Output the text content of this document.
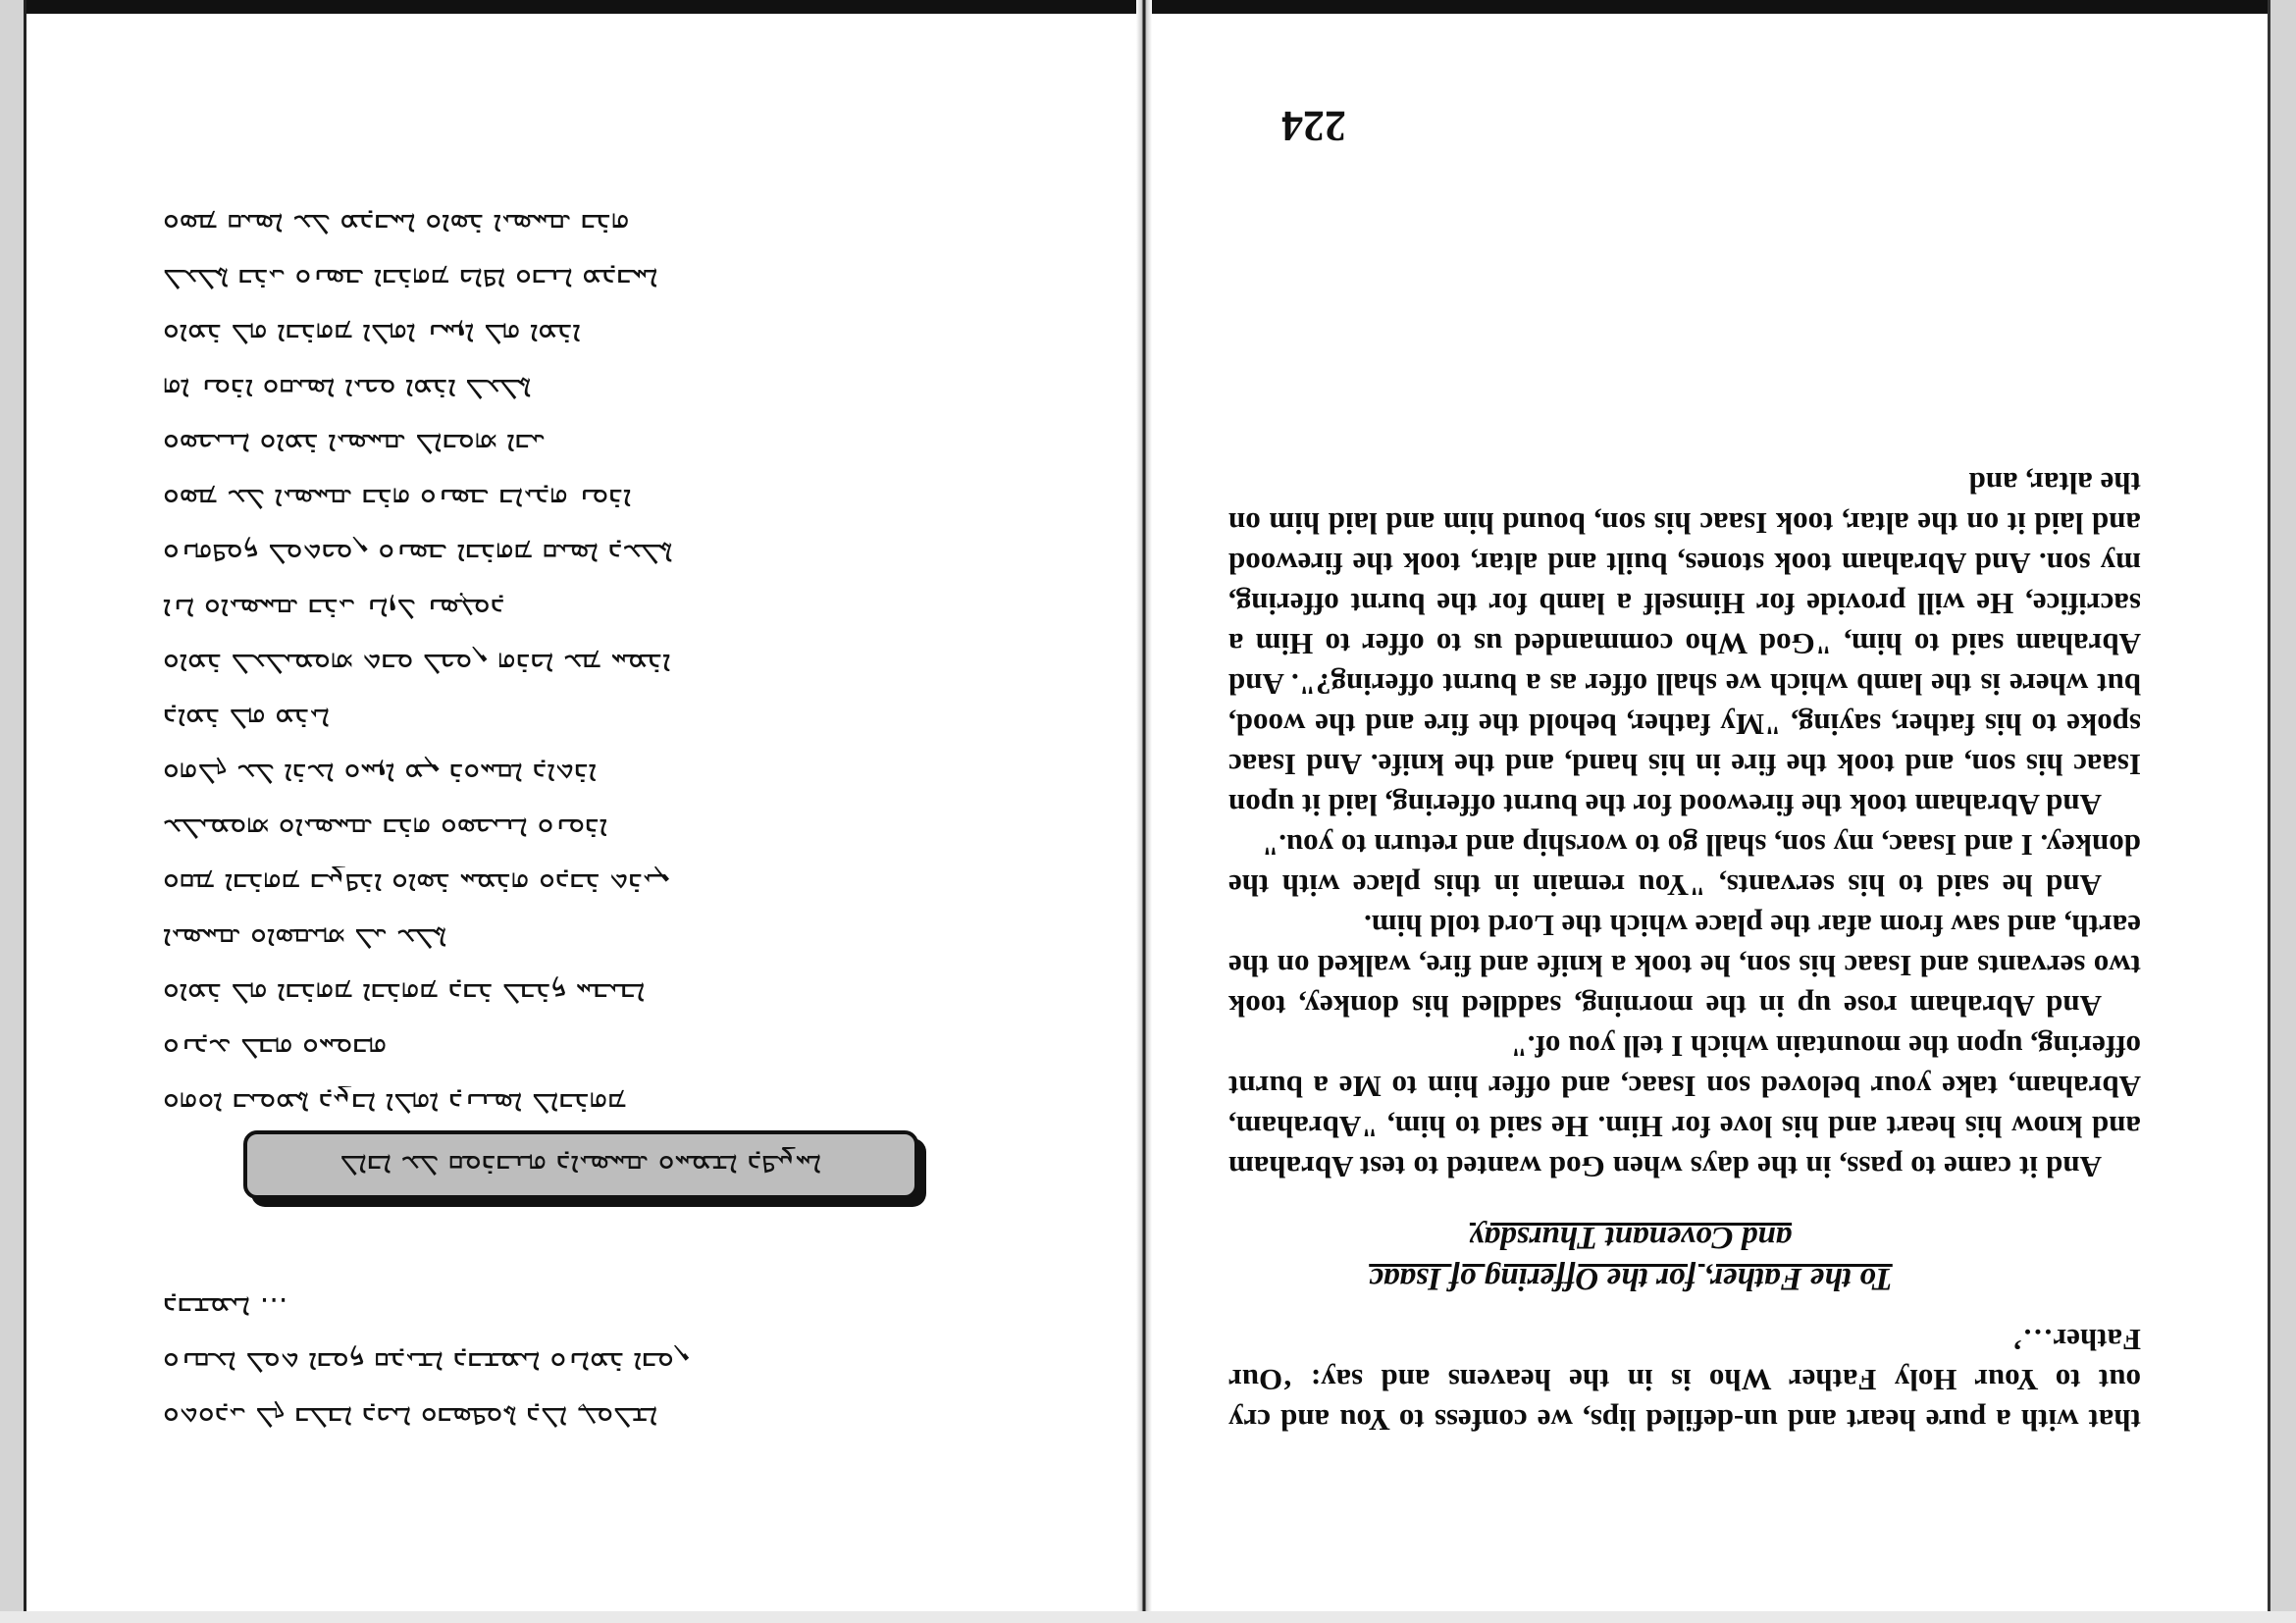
ܘܬܘܕܝ ܠܟ ܒܠܒܐ ܕܟܝܐ ܘܒܣܦܘܬܐ ܕܠܐ ܛܘܠܫܐ
ܘܢܩܥܐ ܠܘܬ ܐܒܘܟ ܩܕܝܫܐ ܕܒܫܡܝܐ ܘܢܐܡܪ ܐܒܘܢ
ܕܒܫܡܝܐ ...
ܠܐܒܐ ܥܠ ܩܘܪܒܢܗ ܕܐܝܣܚܩ ܘܚܡܫܐ ܕܦܨܚܐ
ܘܗܘܐ ܒܝܘܡܬܐ ܕܨܒܐ ܐܠܗܐ ܕܢܢܣܐ ܠܐܒܪܗܡ
ܘܢܕܥ ܠܒܗ ܘܚܘܒܗ
ܘܐܡܪ ܠܗ ܐܒܪܗܡ ܐܒܪܗܡ ܕܒܪ ܠܒܪܟ ܚܒܝܒܐ
ܐܝܣܚܩ ܘܐܣܩܝܗܝ ܠܝ ܥܠܬܐ
ܘܩܡ ܐܒܪܗܡ ܒܨܦܪܐ ܘܐܣܪ ܚܡܪܗ ܘܕܒܪ ܬܪܝܢ
ܥܠܝܡܘܗܝ ܘܐܝܣܚܩ ܒܪܗ ܘܣܟܝܢܐ ܘܢܘܪܐ
ܘܗܠܟ ܥܠ ܐܪܥܐ ܘܚܙܐ ܡܢ ܪܘܚܩܐ ܕܐܬܪܐ
ܕܐܡܪ ܠܗ ܡܪܝܐ
ܘܐܡܪ ܠܥܠܝܡܘܗܝ ܬܒܘ ܠܟܘܢ ܗܪܟܐ ܥܡ ܚܡܪܐ
ܐܢܐ ܘܐܝܣܚܩ ܒܪܝ ܢܐܙܠ ܢܣܓܘܕ
ܘܢܗܦܘܟ ܠܘܬܟܘܢ ܘܢܣܒ ܐܒܪܗܡ ܩܝܣܐ ܕܥܠܬܐ
ܘܣܡ ܥܠ ܐܝܣܚܩ ܒܪܗ ܘܢܣܒ ܒܐܝܕܗ ܢܘܪܐ
ܘܣܟܝܢܐ ܘܐܡܪ ܐܝܣܚܩ ܠܐܒܘܗܝ ܐܒܝ
ܗܐ ܢܘܪܐ ܘܩܝܣܐ ܐܝܟܘ ܐܡܪܐ ܠܥܠܬܐ
ܘܐܡܪ ܠܗ ܐܒܪܗܡ ܐܠܗܐ ܢܚܙܐ ܠܗ ܐܡܪܐ
ܠܥܠܬܐ ܒܪܝ ܘܢܣܒ ܐܒܪܗܡ ܟܐܦܐ ܘܒܢܐ ܡܕܒܚܐ
ܘܣܡ ܩܝܣܐ ܥܠ ܡܕܒܚܐ ܘܐܣܪ ܐܝܣܚܩ ܒܪܗ
that with a pure heart and un-defiled lips, we confess to You and cry out to Your Holy Father Who is in the heavens and say: ‘Our Father…’
To the Father, for the Offering of Isaac
and Covenant Thursday

And it came to pass, in the days when God wanted to test Abraham and know his heart and his love for Him. He said to him, "Abraham, Abraham, take your beloved son Isaac, and offer him to Me a burnt offering, upon the mountain which I tell you of."

And Abraham rose up in the morning, saddled his donkey, took two servants and Isaac his son, he took a knife and fire, walked on the earth, and saw from afar the place which the Lord told him.

And he said to his servants, "You remain in this place with the donkey. I and Isaac, my son, shall go to worship and return to you."

And Abraham took the firewood for the burnt offering, laid it upon Isaac his son, and took the fire in his hand, and the knife. And Isaac spoke to his father, saying, "My father, behold the fire and the wood, but where is the lamb which we shall offer as a burnt offering?". And Abraham said to him, "God Who commanded us to offer to Him a sacrifice, He will provide for Himself a lamb for the burnt offering, my son. And Abraham took stones, built and altar, took the firewood and laid it on the altar, took Isaac his son, bound him and laid him on the altar, and

224
